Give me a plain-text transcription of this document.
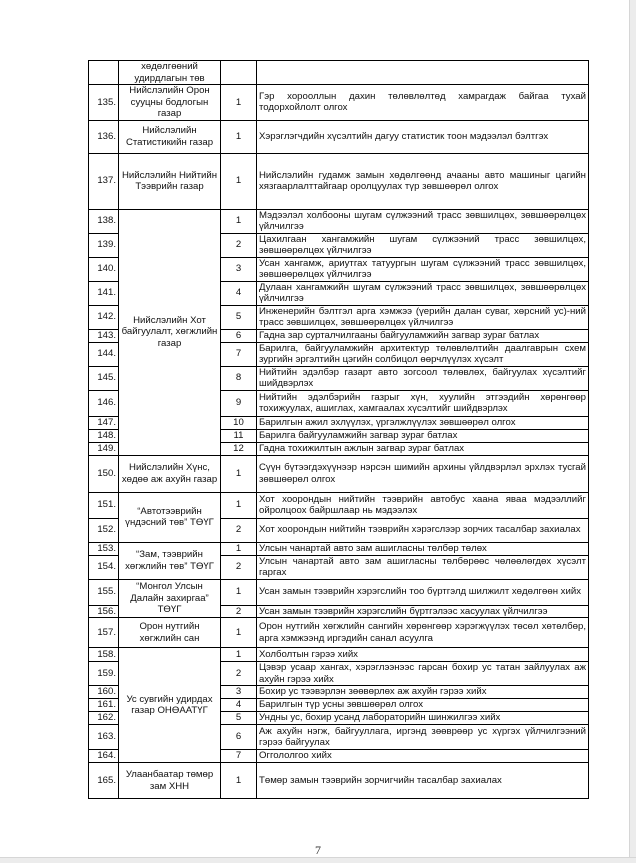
	хөдөлгөөний удирдлагын төв		
135.	Нийслэлийн Орон сууцны бодлогын газар	1	Гэр хорооллын дахин төлөвлөлтөд хамрагдаж байгаа тухай тодорхойлолт олгох
136.	Нийслэлийн Статистикийн газар	1	Хэрэглэгчдийн хүсэлтийн дагуу статистик тоон мэдээлэл бэлтгэх
137.	Нийслэлийн Нийтийн Тээврийн газар	1	Нийслэлийн гудамж замын хөдөлгөөнд ачааны авто машиныг цагийн хязгаарлалттайгаар оролцуулах түр зөвшөөрөл олгох
138.	Нийслэлийн Хот байгуулалт, хөгжлийн газар	1	Мэдээлэл холбооны шугам сүлжээний трасс зөвшилцөх, зөвшөөрөлцөх үйлчилгээ
139.		2	Цахилгаан хангамжийн шугам сүлжээний трасс зөвшилцөх, зөвшөөрөлцөх үйлчилгээ
140.		3	Усан хангамж, ариутгах татуургын шугам сүлжээний трасс зөвшилцөх, зөвшөөрөлцөх үйлчилгээ
141.		4	Дулаан хангамжийн шугам сүлжээний трасс зөвшилцөх, зөвшөөрөлцөх үйлчилгээ
142.		5	Инженерийн бэлтгэл арга хэмжээ (үерийн далан суваг, хөрсний ус)-ний трасс зөвшилцөх, зөвшөөрөлцөх үйлчилгээ
143.		6	Гадна зар сурталчилгааны байгууламжийн загвар зураг батлах
144.		7	Барилга, байгууламжийн архитектур төлөвлөлтийн даалгаврын схем зургийн эргэлтийн цэгийн солбицол өөрчлүүлэх хүсэлт
145.		8	Нийтийн эдэлбэр газарт авто зогсоол төлөвлөх, байгуулах хүсэлтийг шийдвэрлэх
146.		9	Нийтийн эдэлбэрийн газрыг хүн, хуулийн этгээдийн хөрөнгөөр тохижуулах, ашиглах, хамгаалах хүсэлтийг шийдвэрлэх
147.		10	Барилгын ажил эхлүүлэх, үргэлжлүүлэх зөвшөөрөл олгох
148.		11	Барилга байгууламжийн загвар зураг батлах
149.		12	Гадна тохижилтын ажлын загвар зураг батлах
150.	Нийслэлийн Хүнс, хөдөө аж ахуйн газар	1	Сүүн бүтээгдэхүүнээр нэрсэн шимийн архины үйлдвэрлэл эрхлэх тусгай зөвшөөрөл олгох
151.	“Автотээврийн үндэсний төв” ТӨҮГ	1	Хот хоорондын нийтийн тээврийн автобус хаана явaa мэдээллийг ойролцоох байршлаар нь мэдээлэх
152.		2	Хот хоорондын нийтийн тээврийн хэрэгслээр зорчих тасалбар захиалах
153.	“Зам, тээврийн хөгжлийн төв” ТӨҮГ	1	Улсын чанартай авто зам ашигласны төлбөр төлөх
154.		2	Улсын чанартай авто зам ашигласны төлбөрөөс чөлөөлөгдөх хүсэлт гаргах
155.	“Монгол Улсын Далайн захиргаа” ТӨҮГ	1	Усан замын тээврийн хэрэгслийн тоо бүртгэлд шилжилт хөдөлгөөн хийх
156.		2	Усан замын тээврийн хэрэгслийн бүртгэлээс хасуулах үйлчилгээ
157.	Орон нутгийн хөгжлийн сан	1	Орон нутгийн хөгжлийн сангийн хөрөнгөөр хэрэгжүүлэх төсөл хөтөлбөр, арга хэмжээнд иргэдийн санал асуулга
158.	Ус сувгийн удирдах газар ОНӨААТҮГ	1	Холболтын гэрээ хийх
159.		2	Цэвэр усаар хангах, хэрэглээнээс гарсан бохир ус татан зайлуулах аж ахуйн гэрээ хийх
160.		3	Бохир ус тээвэрлэн зөөвөрлөх аж ахуйн гэрээ хийх
161.		4	Барилгын түр усны зөвшөөрөл олгох
162.		5	Ундны ус, бохир усанд лабораторийн шинжилгээ хийх
163.		6	Аж ахуйн нэгж, байгууллага, иргэнд зөөврөөр ус хүргэх үйлчилгээний гэрээ байгуулах
164.		7	Оггололгоо хийх
165.	Улаанбаатар төмөр зам ХНН	1	Төмөр замын тээврийн зорчигчийн тасалбар захиалах
7
